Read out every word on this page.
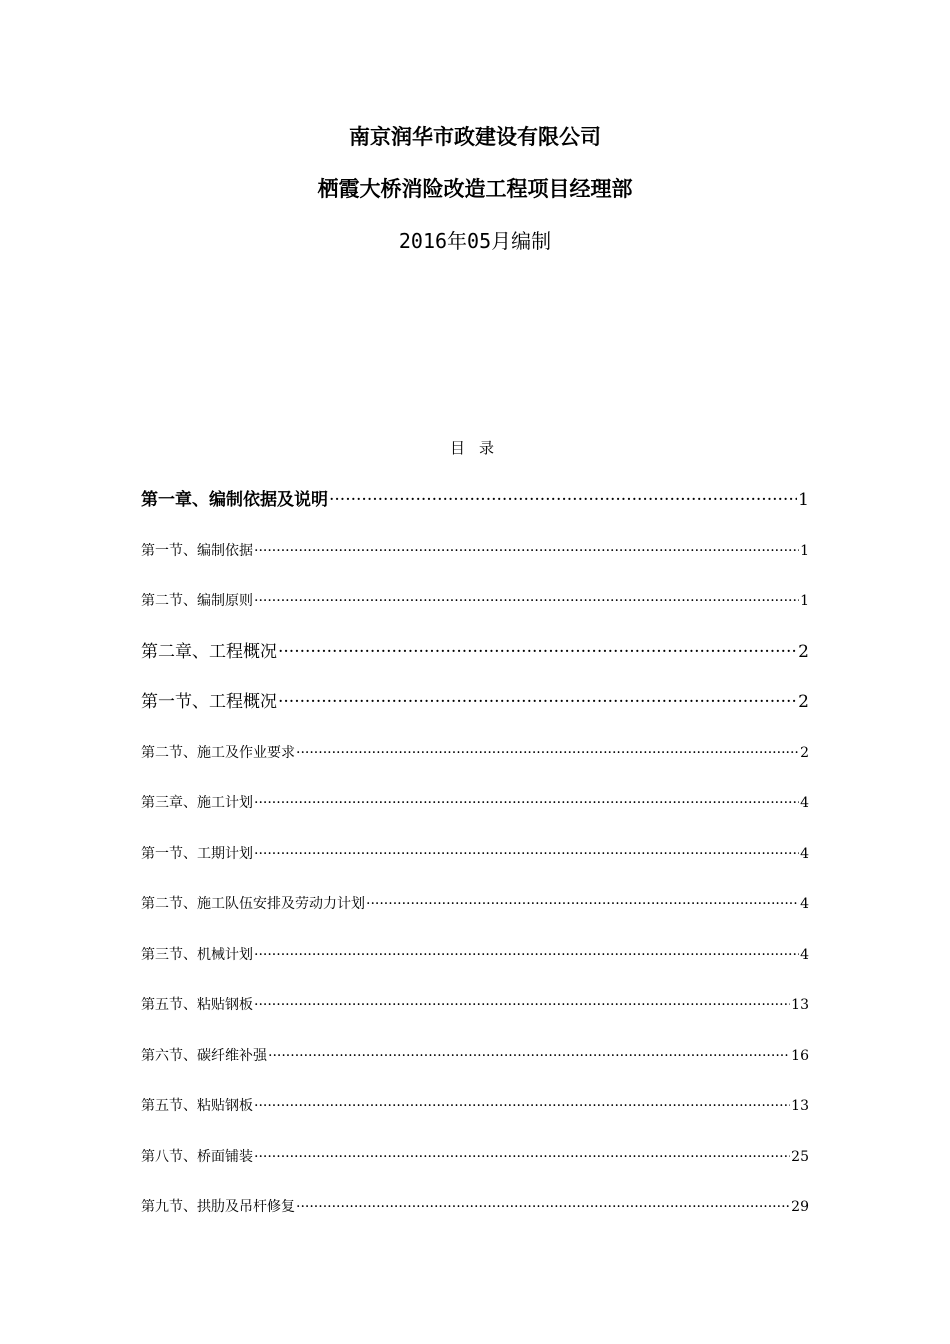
南京润华市政建设有限公司
栖霞大桥消险改造工程项目经理部
2016年05月编制
目录
第一章、编制依据及说明 .....	1
第一节、编制依据 .....	1
第二节、编制原则 .....	1
第二章、工程概况 .....	2
第一节、工程概况 .....	2
第二节、施工及作业要求 .....	2
第三章、施工计划 .....	4
第一节、工期计划 .....	4
第二节、施工队伍安排及劳动力计划 .....	4
第三节、机械计划 .....	4
第五节、粘贴钢板 .....	13
第六节、碳纤维补强 .....	16
第五节、粘贴钢板 .....	13
第八节、桥面铺装 .....	25
第九节、拱肋及吊杆修复 .....	29
